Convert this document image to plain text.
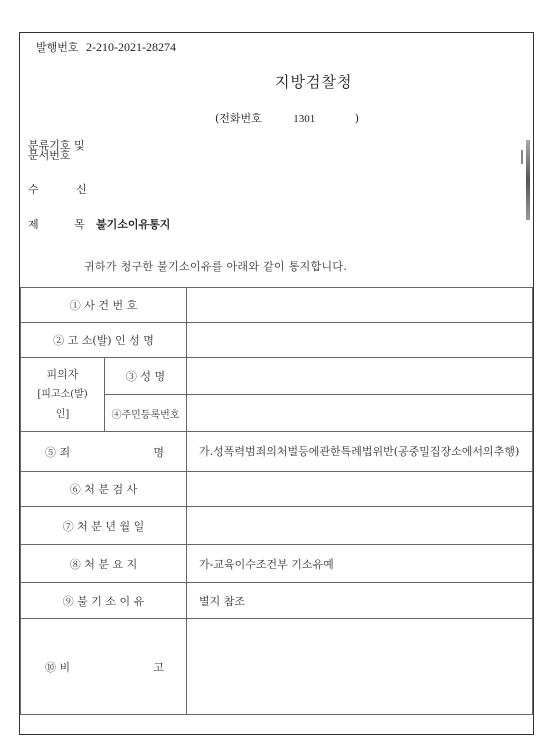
발행번호 2-210-2021-28274
지방검찰청
(전화번호	1301	)
분류기호 및
문서번호
수 신
제 목
불기소이유통지
귀하가 청구한 불기소이유를 아래와 같이 통지합니다.
① 사 건 번 호		
② 고 소(발) 인 성 명		

피의자
[피고소(발)인]	③ 성 명	
	④주민등록번호	

⑤ 죄 명		가.성폭력범죄의처벌등에관한특례법위반(공중밀집장소에서의추행)
⑥ 처 분 검 사		
⑦ 처 분 년 월 일		
⑧ 처 분 요 지		가-교육이수조건부 기소유예
⑨ 불 기 소 이 유		별지 참조

⑩ 비 고		
